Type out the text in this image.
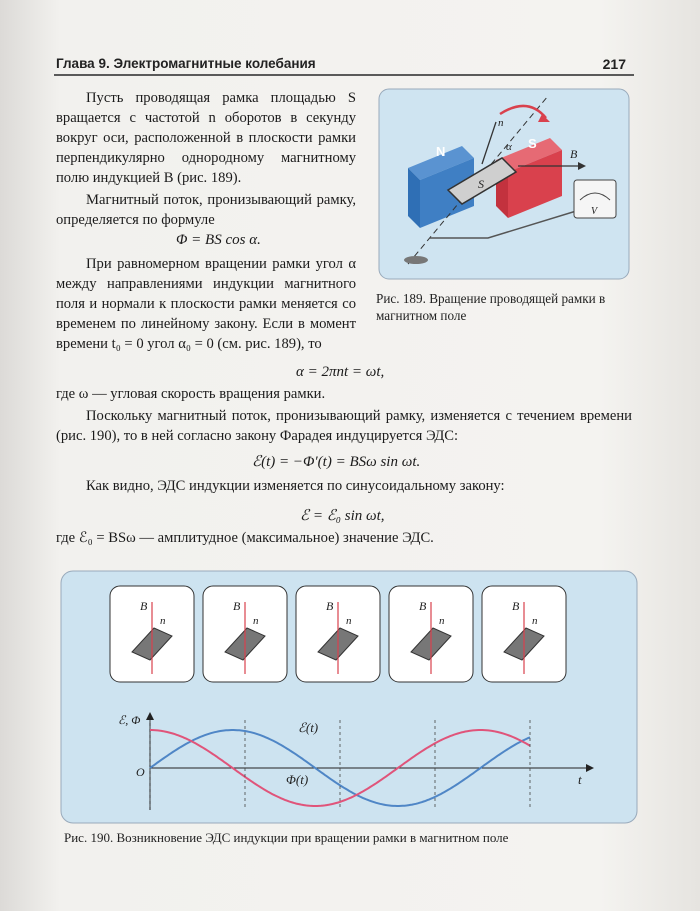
Глава 9. Электромагнитные колебания	217

Пусть проводящая рамка площадью S вращается с частотой n оборотов в секунду вокруг оси, расположенной в плоскости рамки перпендикулярно однородному магнитному полю индукцией B (рис. 189).

Магнитный поток, пронизывающий рамку, определяется по формуле

Φ = BS cos α.

При равномерном вращении рамки угол α между направлениями индукции магнитного поля и нормали к плоскости рамки меняется со временем по линейному закону. Если в момент времени t₀ = 0 угол α₀ = 0 (см. рис. 189), то

α = 2πnt = ωt,

где ω — угловая скорость вращения рамки.

Поскольку магнитный поток, пронизывающий рамку, изменяется с течением времени (рис. 190), то в ней согласно закону Фарадея индуцируется ЭДС:

ℰ(t) = −Φ′(t) = BSω sin ωt.

Как видно, ЭДС индукции изменяется по синусоидальному закону:

ℰ = ℰ₀ sin ωt,

где ℰ₀ = BSω — амплитудное (максимальное) значение ЭДС.

N
S
S
n
α	B
V
Рис. 189. Вращение проводящей рамки в магнитном поле
B
n
B
n
B
n
B
n
B
n
ℰ, Φ
t
O
ℰ(t)
Φ(t)
Рис. 190. Возникновение ЭДС индукции при вращении рамки в магнитном поле
